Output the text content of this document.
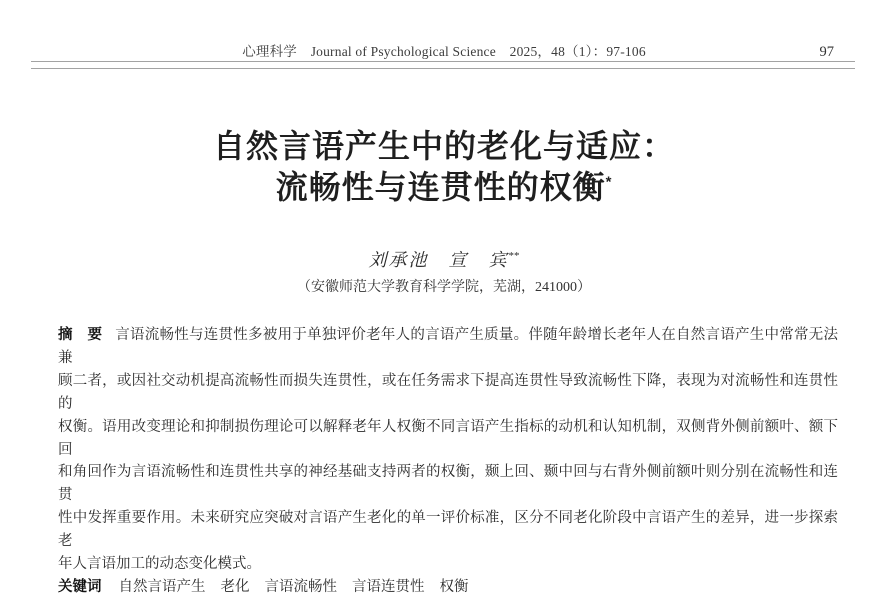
心理科学　Journal of Psychological Science　2025，48（1）：97-106	97
自然言语产生中的老化与适应：
流畅性与连贯性的权衡*
刘承池　宣　宾**
（安徽师范大学教育科学学院，芜湖，241000）
摘　要 言语流畅性与连贯性多被用于单独评价老年人的言语产生质量。伴随年龄增长老年人在自然言语产生中常常无法兼
顾二者，或因社交动机提高流畅性而损失连贯性，或在任务需求下提高连贯性导致流畅性下降，表现为对流畅性和连贯性的
权衡。语用改变理论和抑制损伤理论可以解释老年人权衡不同言语产生指标的动机和认知机制，双侧背外侧前额叶、额下回
和角回作为言语流畅性和连贯性共享的神经基础支持两者的权衡，颞上回、颞中回与右背外侧前额叶则分别在流畅性和连贯
性中发挥重要作用。未来研究应突破对言语产生老化的单一评价标准，区分不同老化阶段中言语产生的差异，进一步探索老
年人言语加工的动态变化模式。
关键词 自然言语产生 老化 言语流畅性 言语连贯性 权衡
